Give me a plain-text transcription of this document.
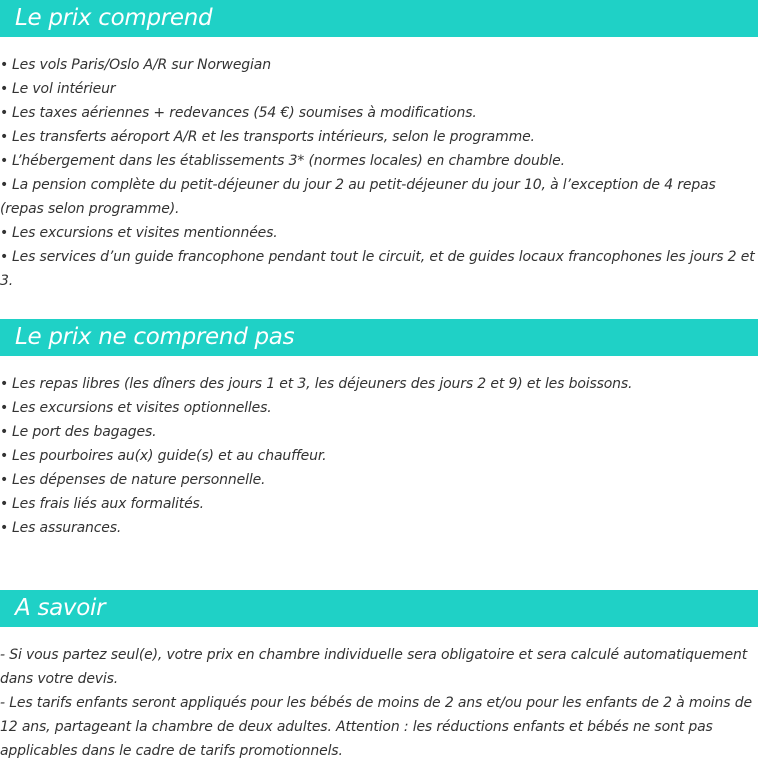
Le prix comprend
• Les vols Paris/Oslo A/R sur Norwegian
• Le vol intérieur
• Les taxes aériennes + redevances (54 €) soumises à modifications.
• Les transferts aéroport A/R et les transports intérieurs, selon le programme.
• L’hébergement dans les établissements 3* (normes locales) en chambre double.
• La pension complète du petit-déjeuner du jour 2 au petit-déjeuner du jour 10, à l’exception de 4 repas (repas selon programme).
• Les excursions et visites mentionnées.
• Les services d’un guide francophone pendant tout le circuit, et de guides locaux francophones les jours 2 et 3.
Le prix ne comprend pas
• Les repas libres (les dîners des jours 1 et 3, les déjeuners des jours 2 et 9) et les boissons.
• Les excursions et visites optionnelles.
• Le port des bagages.
• Les pourboires au(x) guide(s) et au chauffeur.
• Les dépenses de nature personnelle.
• Les frais liés aux formalités.
• Les assurances.
A savoir

- Si vous partez seul(e), votre prix en chambre individuelle sera obligatoire et sera calculé automatiquement dans votre devis.

- Les tarifs enfants seront appliqués pour les bébés de moins de 2 ans et/ou pour les enfants de 2 à moins de 12 ans, partageant la chambre de deux adultes. Attention : les réductions enfants et bébés ne sont pas applicables dans le cadre de tarifs promotionnels.
